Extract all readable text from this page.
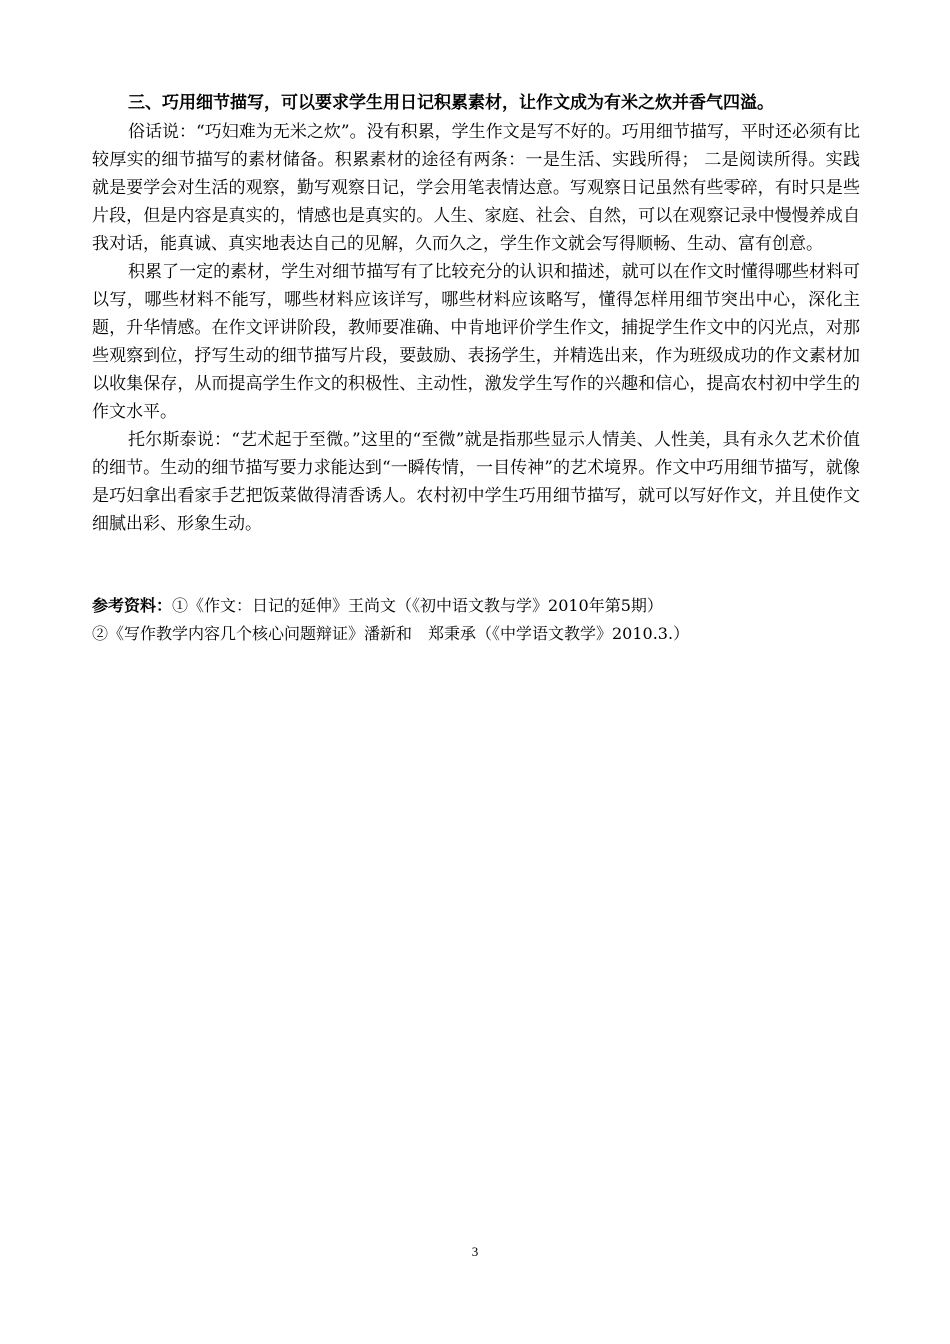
三、巧用细节描写，可以要求学生用日记积累素材，让作文成为有米之炊并香气四溢。

俗话说：“巧妇难为无米之炊”。没有积累，学生作文是写不好的。巧用细节描写，平时还必须有比较厚实的细节描写的素材储备。积累素材的途径有两条：一是生活、实践所得； 二是阅读所得。实践就是要学会对生活的观察，勤写观察日记，学会用笔表情达意。写观察日记虽然有些零碎，有时只是些片段，但是内容是真实的，情感也是真实的。人生、家庭、社会、自然，可以在观察记录中慢慢养成自我对话，能真诚、真实地表达自己的见解，久而久之，学生作文就会写得顺畅、生动、富有创意。

积累了一定的素材，学生对细节描写有了比较充分的认识和描述，就可以在作文时懂得哪些材料可以写，哪些材料不能写，哪些材料应该详写，哪些材料应该略写，懂得怎样用细节突出中心，深化主题，升华情感。在作文评讲阶段，教师要准确、中肯地评价学生作文，捕捉学生作文中的闪光点，对那些观察到位，抒写生动的细节描写片段，要鼓励、表扬学生，并精选出来，作为班级成功的作文素材加以收集保存，从而提高学生作文的积极性、主动性，激发学生写作的兴趣和信心，提高农村初中学生的作文水平。

托尔斯泰说：“艺术起于至微。”这里的“至微”就是指那些显示人情美、人性美，具有永久艺术价值的细节。生动的细节描写要力求能达到“一瞬传情，一目传神”的艺术境界。作文中巧用细节描写，就像是巧妇拿出看家手艺把饭菜做得清香诱人。农村初中学生巧用细节描写，就可以写好作文，并且使作文细腻出彩、形象生动。

参考资料：①《作文：日记的延伸》王尚文（《初中语文教与学》2010年第5期）
②《写作教学内容几个核心问题辩证》潘新和　郑秉承（《中学语文教学》2010.3.）
3
